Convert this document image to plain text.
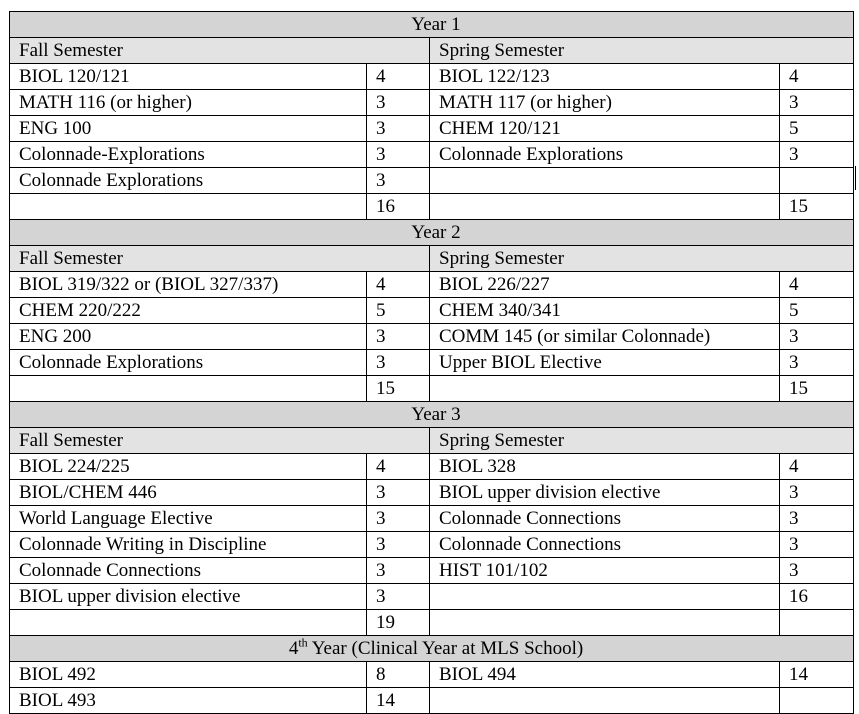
Year 1			
Fall Semester		Spring Semester	
BIOL 120/121	4	BIOL 122/123	4
MATH 116 (or higher)	3	MATH 117 (or higher)	3
ENG 100	3	CHEM 120/121	5
Colonnade-Explorations	3	Colonnade Explorations	3
Colonnade Explorations	3		
	16		15
Year 2			
Fall Semester		Spring Semester	
BIOL 319/322 or (BIOL 327/337)	4	BIOL 226/227	4
CHEM 220/222	5	CHEM 340/341	5
ENG 200	3	COMM 145 (or similar Colonnade)	3
Colonnade Explorations	3	Upper BIOL Elective	3
	15		15
Year 3			
Fall Semester		Spring Semester	
BIOL 224/225	4	BIOL 328	4
BIOL/CHEM 446	3	BIOL upper division elective	3
World Language Elective	3	Colonnade Connections	3
Colonnade Writing in Discipline	3	Colonnade Connections	3
Colonnade Connections	3	HIST 101/102	3
BIOL upper division elective	3		16
	19		
4th Year (Clinical Year at MLS School)			
BIOL 492	8	BIOL 494	14
BIOL 493	14		
